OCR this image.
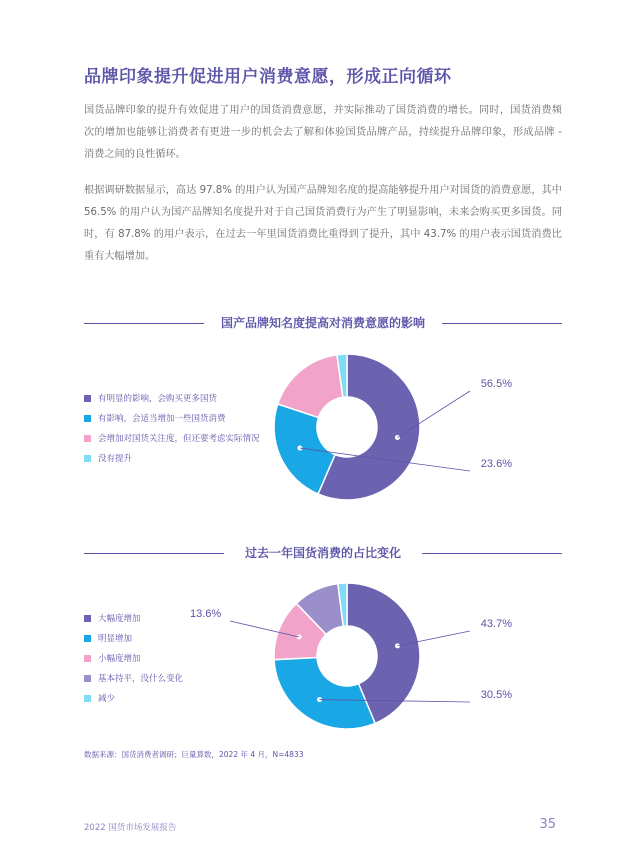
品牌印象提升促进用户消费意愿，形成正向循环
国货品牌印象的提升有效促进了用户的国货消费意愿，并实际推动了国货消费的增长。同时，国货消费频次的增加也能够让消费者有更进一步的机会去了解和体验国货品牌产品，持续提升品牌印象，形成品牌 - 消费之间的良性循环。
根据调研数据显示，高达 97.8% 的用户认为国产品牌知名度的提高能够提升用户对国货的消费意愿，其中 56.5% 的用户认为国产品牌知名度提升对于自己国货消费行为产生了明显影响，未来会购买更多国货。同时，有 87.8% 的用户表示，在过去一年里国货消费比重得到了提升，其中 43.7% 的用户表示国货消费比重有大幅增加。
国产品牌知名度提高对消费意愿的影响
有明显的影响，会购买更多国货
有影响，会适当增加一些国货消费
会增加对国货关注度，但还要考虑实际情况
没有提升
过去一年国货消费的占比变化
大幅度增加
明显增加
小幅度增加
基本持平，没什么变化
减少
56.5%
23.6%
43.7%
30.5%
13.6%
数据来源：国货消费者调研；巨量算数，2022 年 4 月，N=4833
2022 国货市场发展报告	35
